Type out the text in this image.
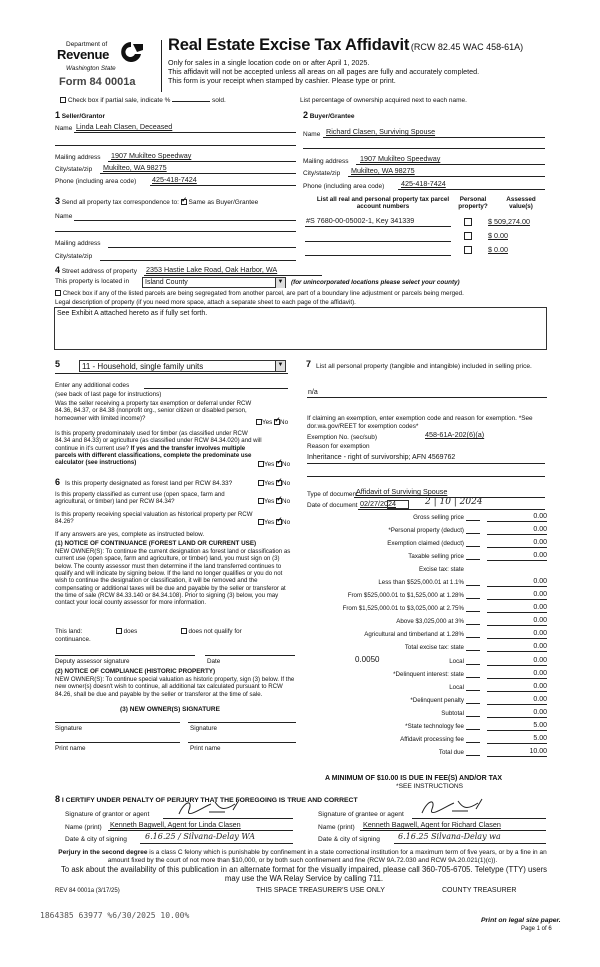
Department of
Revenue
Washington State
Form 84 0001a
Real Estate Excise Tax Affidavit (RCW 82.45 WAC 458-61A)
Only for sales in a single location code on or after April 1, 2025.
This affidavit will not be accepted unless all areas on all pages are fully and accurately completed.
This form is your receipt when stamped by cashier. Please type or print.
Check box if partial sale, indicate %	sold.	List percentage of ownership acquired next to each name.
1 Seller/Grantor
Name Linda Leah Clasen, Deceased
Mailing address 1907 Mukilteo Speedway
City/state/zip Mukilteo, WA 98275
Phone (including area code) 425-418-7424
2 Buyer/Grantee
Name Richard Clasen, Surviving Spouse
Mailing address 1907 Mukilteo Speedway
City/state/zip Mukilteo, WA 98275
Phone (including area code) 425-418-7424
3 Send all property tax correspondence to: ✓ Same as Buyer/Grantee
Name
Mailing address
City/state/zip
List all real and personal property tax parcel account numbers
Personal property?
Assessed value(s)
#S 7680-00-05002-1, Key 341339	$ 509,274.00
$ 0.00
$ 0.00
4 Street address of property 2353 Hastie Lake Road, Oak Harbor, WA
This property is located in	Island County	▼ (for unincorporated locations please select your county)
Check box if any of the listed parcels are being segregated from another parcel, are part of a boundary line adjustment or parcels being merged.
Legal description of property (if you need more space, attach a separate sheet to each page of the affidavit).
See Exhibit A attached hereto as if fully set forth.
5	11 - Household, single family units	▼
Enter any additional codes
(see back of last page for instructions)
Was the seller receiving a property tax exemption or deferral under RCW 84.36, 84.37, or 84.38 (nonprofit org., senior citizen or disabled person, homeowner with limited income)?
Yes ✓ No
Is this property predominately used for timber (as classified under RCW 84.34 and 84.33) or agriculture (as classified under RCW 84.34.020) and will continue in it's current use? If yes and the transfer involves multiple parcels with different classifications, complete the predominate use calculator (see instructions)	Yes ✓ No
6 Is this property designated as forest land per RCW 84.33?	Yes ✓ No
Is this property classified as current use (open space, farm and agricultural, or timber) land per RCW 84.34?	Yes ✓ No
Is this property receiving special valuation as historical property per RCW 84.26?	Yes ✓ No
If any answers are yes, complete as instructed below.
(1) NOTICE OF CONTINUANCE (FOREST LAND OR CURRENT USE)
NEW OWNER(S): To continue the current designation as forest land or classification as current use (open space, farm and agriculture, or timber) land, you must sign on (3) below. The county assessor must then determine if the land transferred continues to qualify and will indicate by signing below. If the land no longer qualifies or you do not wish to continue the designation or classification, it will be removed and the compensating or additional taxes will be due and payable by the seller or transferor at the time of sale (RCW 84.33.140 or 84.34.108). Prior to signing (3) below, you may contact your local county assessor for more information.
This land:	does	does not qualify for
continuance.
Deputy assessor signature	Date
(2) NOTICE OF COMPLIANCE (HISTORIC PROPERTY)
NEW OWNER(S): To continue special valuation as historic property, sign (3) below. If the new owner(s) doesn't wish to continue, all additional tax calculated pursuant to RCW 84.26, shall be due and payable by the seller or transferor at the time of sale.
(3) NEW OWNER(S) SIGNATURE
Signature	Signature
Print name	Print name
7 List all personal property (tangible and intangible) included in selling price.
n/a
If claiming an exemption, enter exemption code and reason for exemption. *See dor.wa.gov/REET for exemption codes*
Exemption No. (sec/sub)	458-61A-202(6)(a)
Reason for exemption
Inheritance - right of survivorship; AFN 4569762
Type of document
Affidavit of Surviving Spouse
Date of document 02/27/2024	2 | 10 | 2024
Gross selling price	0.00
*Personal property (deduct)	0.00
Exemption claimed (deduct)	0.00
Taxable selling price	0.00
Excise tax: state
Less than $525,000.01 at 1.1%	0.00
From $525,000.01 to $1,525,000 at 1.28%	0.00
From $1,525,000.01 to $3,025,000 at 2.75%	0.00
Above $3,025,000 at 3%	0.00
Agricultural and timberland at 1.28%	0.00
Total excise tax: state	0.00
Local	0.00
*Delinquent interest: state	0.00
Local	0.00
*Delinquent penalty	0.00
Subtotal	0.00
*State technology fee	5.00
Affidavit processing fee	5.00
Total due	10.00
0.0050
A MINIMUM OF $10.00 IS DUE IN FEE(S) AND/OR TAX
*SEE INSTRUCTIONS
8 I CERTIFY UNDER PENALTY OF PERJURY THAT THE FOREGOING IS TRUE AND CORRECT
Signature of grantor or agent
Name (print) Kenneth Bagwell, Agent for Linda Clasen
Date & city of signing 6.16.25 / Silvana-Delay WA
Signature of grantee or agent
Name (print) Kenneth Bagwell, Agent for Richard Clasen
Date & city of signing 6.16.25 Silvana-Delay wa
Perjury in the second degree is a class C felony which is punishable by confinement in a state correctional institution for a maximum term of five years, or by a fine in an amount fixed by the court of not more than $10,000, or by both such confinement and fine (RCW 9A.72.030 and RCW 9A.20.021(1)(c)).
To ask about the availability of this publication in an alternate format for the visually impaired, please call 360-705-6705. Teletype (TTY) users may use the WA Relay Service by calling 711.
REV 84 0001a (3/17/25)	THIS SPACE TREASURER'S USE ONLY	COUNTY TREASURER
1864385 63977 %6/30/2025 10.00%
Print on legal size paper.
Page 1 of 6
